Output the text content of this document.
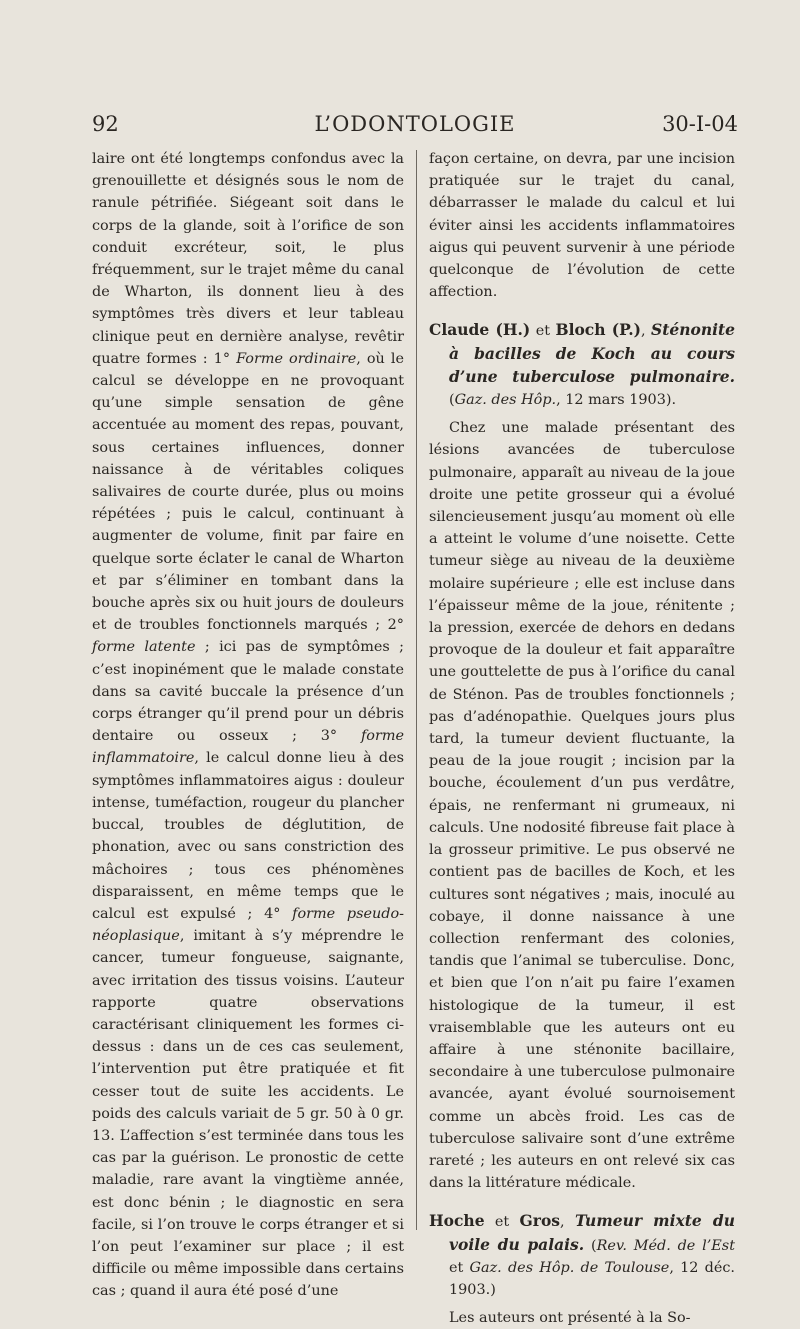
92	L’ODONTOLOGIE	30-I-04

laire ont été longtemps confondus avec la grenouillette et désignés sous le nom de ranule pétrifiée. Siégeant soit dans le corps de la glande, soit à l’orifice de son conduit excréteur, soit, le plus fréquemment, sur le trajet même du canal de Wharton, ils donnent lieu à des symptômes très divers et leur tableau clinique peut en dernière analyse, revêtir quatre formes : 1° Forme ordinaire, où le calcul se développe en ne provoquant qu’une simple sensation de gêne accentuée au moment des repas, pouvant, sous certaines influences, donner naissance à de véritables coliques salivaires de courte durée, plus ou moins répétées ; puis le calcul, continuant à augmenter de volume, finit par faire en quelque sorte éclater le canal de Wharton et par s’éliminer en tombant dans la bouche après six ou huit jours de douleurs et de troubles fonctionnels marqués ; 2° forme latente ; ici pas de symptômes ; c’est inopinément que le malade constate dans sa cavité buccale la présence d’un corps étranger qu’il prend pour un débris dentaire ou osseux ; 3° forme inflammatoire, le calcul donne lieu à des symptômes inflammatoires aigus : douleur intense, tuméfaction, rougeur du plancher buccal, troubles de déglutition, de phonation, avec ou sans constriction des mâchoires ; tous ces phénomènes disparaissent, en même temps que le calcul est expulsé ; 4° forme pseudo-néoplasique, imitant à s’y méprendre le cancer, tumeur fongueuse, saignante, avec irritation des tissus voisins. L’auteur rapporte quatre observations caractérisant cliniquement les formes ci-dessus : dans un de ces cas seulement, l’intervention put être pratiquée et fit cesser tout de suite les accidents. Le poids des calculs variait de 5 gr. 50 à 0 gr. 13. L’affection s’est terminée dans tous les cas par la guérison. Le pronostic de cette maladie, rare avant la vingtième année, est donc bénin ; le diagnostic en sera facile, si l’on trouve le corps étranger et si l’on peut l’examiner sur place ; il est difficile ou même impossible dans certains cas ; quand il aura été posé d’une

façon certaine, on devra, par une incision pratiquée sur le trajet du canal, débarrasser le malade du calcul et lui éviter ainsi les accidents inflammatoires aigus qui peuvent survenir à une période quelconque de l’évolution de cette affection.

Claude (H.) et Bloch (P.), Sténonite à bacilles de Koch au cours d’une tuberculose pulmonaire. (Gaz. des Hôp., 12 mars 1903).

Chez une malade présentant des lésions avancées de tuberculose pulmonaire, apparaît au niveau de la joue droite une petite grosseur qui a évolué silencieusement jusqu’au moment où elle a atteint le volume d’une noisette. Cette tumeur siège au niveau de la deuxième molaire supérieure ; elle est incluse dans l’épaisseur même de la joue, rénitente ; la pression, exercée de dehors en dedans provoque de la douleur et fait apparaître une gouttelette de pus à l’orifice du canal de Sténon. Pas de troubles fonctionnels ; pas d’adénopathie. Quelques jours plus tard, la tumeur devient fluctuante, la peau de la joue rougit ; incision par la bouche, écoulement d’un pus verdâtre, épais, ne renfermant ni grumeaux, ni calculs. Une nodosité fibreuse fait place à la grosseur primitive. Le pus observé ne contient pas de bacilles de Koch, et les cultures sont négatives ; mais, inoculé au cobaye, il donne naissance à une collection renfermant des colonies, tandis que l’animal se tuberculise. Donc, et bien que l’on n’ait pu faire l’examen histologique de la tumeur, il est vraisemblable que les auteurs ont eu affaire à une sténonite bacillaire, secondaire à une tuberculose pulmonaire avancée, ayant évolué sournoisement comme un abcès froid. Les cas de tuberculose salivaire sont d’une extrême rareté ; les auteurs en ont relevé six cas dans la littérature médicale.

Hoche et Gros, Tumeur mixte du voile du palais. (Rev. Méd. de l’Est et Gaz. des Hôp. de Toulouse, 12 déc. 1903.)

Les auteurs ont présenté à la So-
